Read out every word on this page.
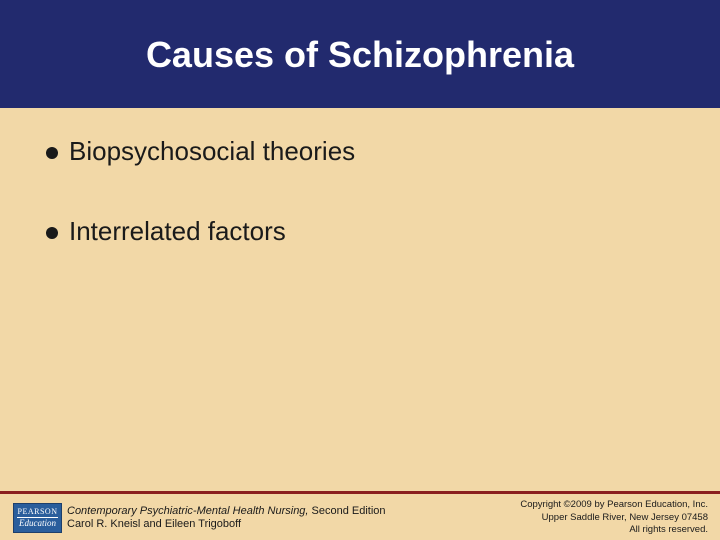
Causes of Schizophrenia
Biopsychosocial theories
Interrelated factors
PEARSON
Education
Contemporary Psychiatric-Mental Health Nursing, Second Edition
Carol R. Kneisl and Eileen Trigoboff
Copyright ©2009 by Pearson Education, Inc.
Upper Saddle River, New Jersey 07458
All rights reserved.
